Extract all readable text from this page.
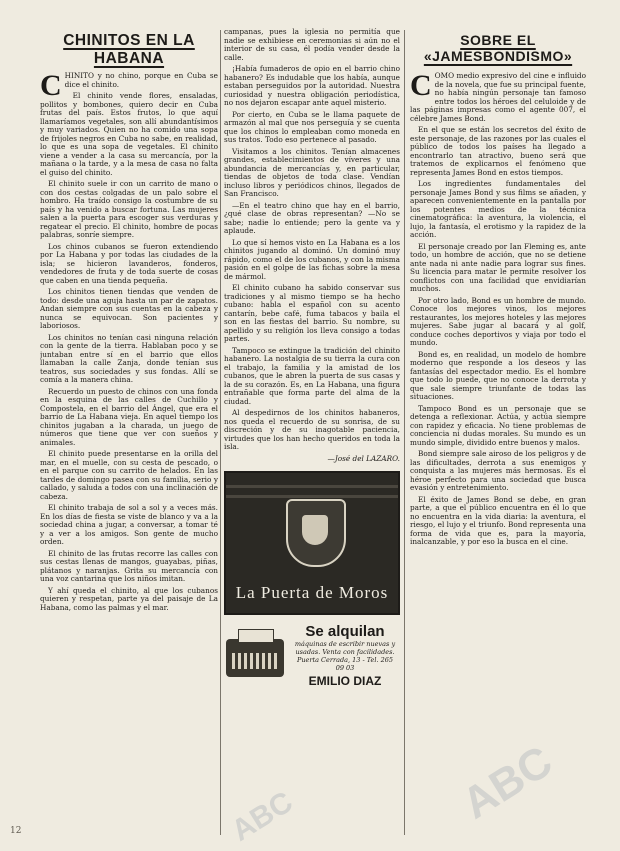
CHINITOS EN LA HABANA

CHINITO y no chino, porque en Cuba se dice el chinito.

El chinito vende flores, ensaladas, pollitos y bombones, quiero decir en Cuba frutas del país. Estos frutos, lo que aquí llamaríamos vegetales, son allí abundantísimos y muy variados. Quien no ha comido una sopa de frijoles negros en Cuba no sabe, en realidad, lo que es una sopa de vegetales. El chinito viene a vender a la casa su mercancía, por la mañana o la tarde, y a la mesa de casa no falta el guiso del chinito.

El chinito suele ir con un carrito de mano o con dos cestas colgadas de un palo sobre el hombro. Ha traído consigo la costumbre de su país y ha venido a buscar fortuna. Las mujeres salen a la puerta para escoger sus verduras y regatear el precio. El chinito, hombre de pocas palabras, sonríe siempre.

Los chinos cubanos se fueron extendiendo por La Habana y por todas las ciudades de la isla; se hicieron lavanderos, fonderos, vendedores de fruta y de toda suerte de cosas que caben en una tienda pequeña.

Los chinitos tienen tiendas que venden de todo: desde una aguja hasta un par de zapatos. Andan siempre con sus cuentas en la cabeza y nunca se equivocan. Son pacientes y laboriosos.

Los chinitos no tenían casi ninguna relación con la gente de la tierra. Hablaban poco y se juntaban entre sí en el barrio que ellos llamaban la calle Zanja, donde tenían sus teatros, sus sociedades y sus fondas. Allí se comía a la manera china.

Recuerdo un puesto de chinos con una fonda en la esquina de las calles de Cuchillo y Compostela, en el barrio del Ángel, que era el barrio de La Habana vieja. En aquel tiempo los chinitos jugaban a la charada, un juego de números que tiene que ver con sueños y animales.

El chinito puede presentarse en la orilla del mar, en el muelle, con su cesta de pescado, o en el parque con su carrito de helados. En las tardes de domingo pasea con su familia, serio y callado, y saluda a todos con una inclinación de cabeza.

El chinito trabaja de sol a sol y a veces más. En los días de fiesta se viste de blanco y va a la sociedad china a jugar, a conversar, a tomar té y a ver a los amigos. Son gente de mucho orden.

El chinito de las frutas recorre las calles con sus cestas llenas de mangos, guayabas, piñas, plátanos y naranjas. Grita su mercancía con una voz cantarina que los niños imitan.

Y ahí queda el chinito, al que los cubanos quieren y respetan, parte ya del paisaje de La Habana, como las palmas y el mar.

campanas, pues la iglesia no permitía que nadie se exhibiese en ceremonias si aún no el interior de su casa, él podía vender desde la calle.

¡Había fumaderos de opio en el barrio chino habanero? Es indudable que los había, aunque estaban perseguidos por la autoridad. Nuestra curiosidad y nuestra obligación periodística, no nos dejaron escapar ante aquel misterio.

Por cierto, en Cuba se le llama paquete de armazón al mal que nos perseguía y se cuenta que los chinos lo empleaban como moneda en sus tratos. Todo eso pertenece al pasado.

Visitamos a los chinitos. Tenían almacenes grandes, establecimientos de víveres y una abundancia de mercancías y, en particular, tiendas de objetos de toda clase. Vendían incluso libros y periódicos chinos, llegados de San Francisco.

—En el teatro chino que hay en el barrio, ¿qué clase de obras representan? —No se sabe; nadie lo entiende; pero la gente va y aplaude.

Lo que sí hemos visto en La Habana es a los chinitos jugando al dominó. Un dominó muy rápido, como el de los cubanos, y con la misma pasión en el golpe de las fichas sobre la mesa de mármol.

El chinito cubano ha sabido conservar sus tradiciones y al mismo tiempo se ha hecho cubano: habla el español con su acento cantarín, bebe café, fuma tabacos y baila el son en las fiestas del barrio. Su nombre, su apellido y su religión los lleva consigo a todas partes.

Tampoco se extingue la tradición del chinito habanero. La nostalgia de su tierra la cura con el trabajo, la familia y la amistad de los cubanos, que le abren la puerta de sus casas y la de su corazón. Es, en La Habana, una figura entrañable que forma parte del alma de la ciudad.

Al despedirnos de los chinitos habaneros, nos queda el recuerdo de su sonrisa, de su discreción y de su inagotable paciencia, virtudes que los han hecho queridos en toda la isla.

—José del LAZARO.

La Puerta de Moros
Se alquilan
máquinas de escribir nuevas y usadas. Venta con facilidades.
Puerta Cerrada, 13 - Tel. 265 09 03
EMILIO DIAZ
SOBRE EL «JAMESBONDISMO»

COMO medio expresivo del cine e influido de la novela, que fue su principal fuente, no había ningún personaje tan famoso entre todos los héroes del celuloide y de las páginas impresas como el agente 007, el célebre James Bond.

En el que se están los secretos del éxito de este personaje, de las razones por las cuales el público de todos los países ha llegado a encontrarlo tan atractivo, bueno será que tratemos de explicarnos el fenómeno que representa James Bond en estos tiempos.

Los ingredientes fundamentales del personaje James Bond y sus films se añaden, y aparecen convenientemente en la pantalla por los potentes medios de la técnica cinematográfica: la aventura, la violencia, el lujo, la fantasía, el erotismo y la rapidez de la acción.

El personaje creado por Ian Fleming es, ante todo, un hombre de acción, que no se detiene ante nada ni ante nadie para lograr sus fines. Su licencia para matar le permite resolver los conflictos con una facilidad que envidiarían muchos.

Por otro lado, Bond es un hombre de mundo. Conoce los mejores vinos, los mejores restaurantes, los mejores hoteles y las mejores mujeres. Sabe jugar al bacará y al golf, conduce coches deportivos y viaja por todo el mundo.

Bond es, en realidad, un modelo de hombre moderno que responde a los deseos y las fantasías del espectador medio. Es el hombre que todo lo puede, que no conoce la derrota y que sale siempre triunfante de todas las situaciones.

Tampoco Bond es un personaje que se detenga a reflexionar. Actúa, y actúa siempre con rapidez y eficacia. No tiene problemas de conciencia ni dudas morales. Su mundo es un mundo simple, dividido entre buenos y malos.

Bond siempre sale airoso de los peligros y de las dificultades, derrota a sus enemigos y conquista a las mujeres más hermosas. Es el héroe perfecto para una sociedad que busca evasión y entretenimiento.

El éxito de James Bond se debe, en gran parte, a que el público encuentra en él lo que no encuentra en la vida diaria: la aventura, el riesgo, el lujo y el triunfo. Bond representa una forma de vida que es, para la mayoría, inalcanzable, y por eso la busca en el cine.

ABC
ABC
12
